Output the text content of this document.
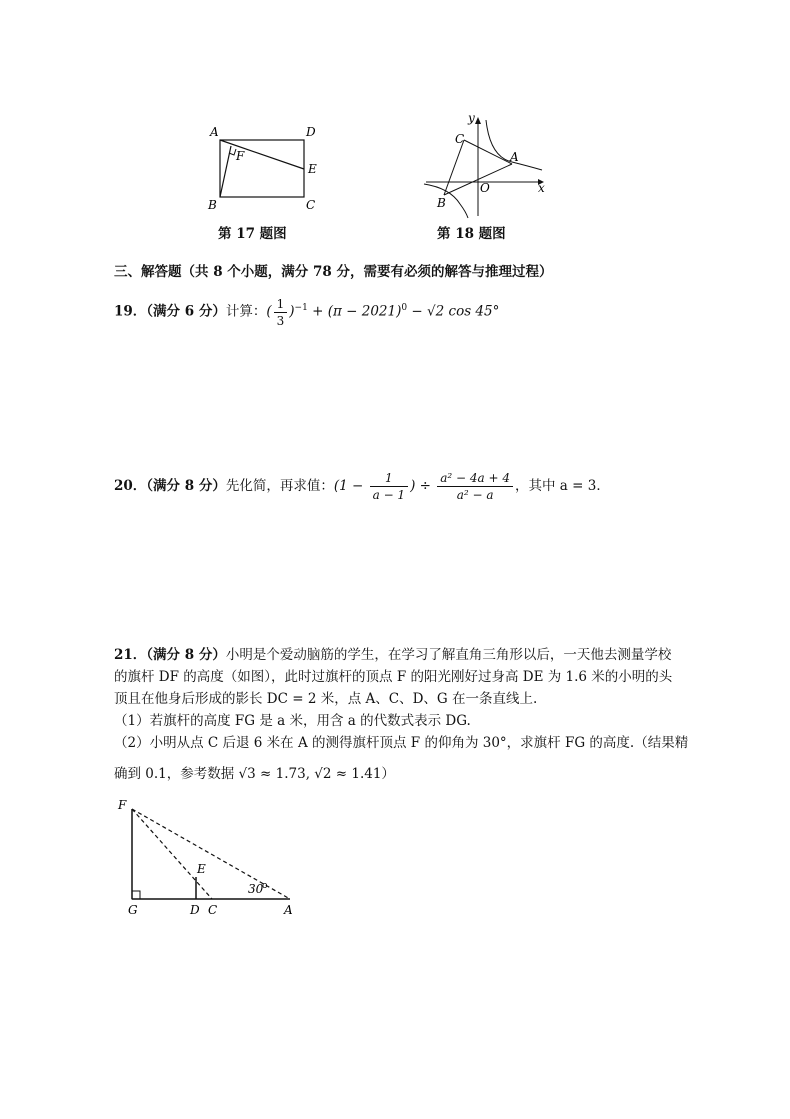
A	D
F
E
B	C
第 17 题图
y
C
A
O	x
B
第 18 题图
三、解答题（共 8 个小题，满分 78 分，需要有必须的解答与推理过程）
19．（满分 6 分）计算：( $\frac{1}{3} )^{-1} + (\pi - 2021)^0 - √2$ cos 45°
20．（满分 8 分）先化简，再求值：($1 - \frac{1}{a - 1}$ ) ÷ $\frac{\text{a² − 4a + 4}}{\text{a² − a}}$ ，其中 a = 3．
21．（满分 8 分）小明是个爱动脑筋的学生，在学习了解直角三角形以后，一天他去测量学校
的旗杆 DF 的高度（如图），此时过旗杆的顶点 F 的阳光刚好过身高 DE 为 1.6 米的小明的头
顶且在他身后形成的影长 DC = 2 米，点 A、C、D、G 在一条直线上.
（1）若旗杆的高度 FG 是 a 米，用含 a 的代数式表示 DG.
（2）小明从点 C 后退 6 米在 A 的测得旗杆顶点 F 的仰角为 30°，求旗杆 FG 的高度.（结果精
确到 0.1，参考数据 √3 ≈ 1.73, √2 ≈ 1.41）
F
E
30
o
G	D C	A
